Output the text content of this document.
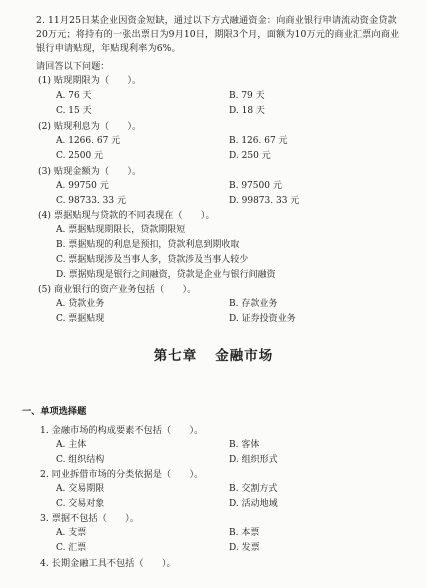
2. 11月25日某企业因资金短缺，通过以下方式融通资金：向商业银行申请流动资金贷款20万元；将持有的一张出票日为9月10日，期限3个月，面额为10万元的商业汇票向商业银行申请贴现，年贴现利率为6%。
请回答以下问题：
(1) 贴现期限为（　　）。
A. 76 天	B. 79 天
C. 15 天	D. 18 天
(2) 贴现利息为（　　）。
A. 1266. 67 元	B. 126. 67 元
C. 2500 元	D. 250 元
(3) 贴现金额为（　　）。
A. 99750 元	B. 97500 元
C. 98733. 33 元	D. 99873. 33 元
(4) 票据贴现与贷款的不同表现在（　　）。
A. 票据贴现期限长，贷款期限短
B. 票据贴现的利息是预扣，贷款利息到期收取
C. 票据贴现涉及当事人多，贷款涉及当事人较少
D. 票据贴现是银行之间融资，贷款是企业与银行间融资
(5) 商业银行的资产业务包括（　　）。
A. 贷款业务	B. 存款业务
C. 票据贴现	D. 证券投资业务
第七章 金融市场
一、单项选择题
1. 金融市场的构成要素不包括（　　）。
A. 主体	B. 客体
C. 组织结构	D. 组织形式
2. 同业拆借市场的分类依据是（　　）。
A. 交易期限	B. 交割方式
C. 交易对象	D. 活动地域
3. 票据不包括（　　）。
A. 支票	B. 本票
C. 汇票	D. 发票
4. 长期金融工具不包括（　　）。
